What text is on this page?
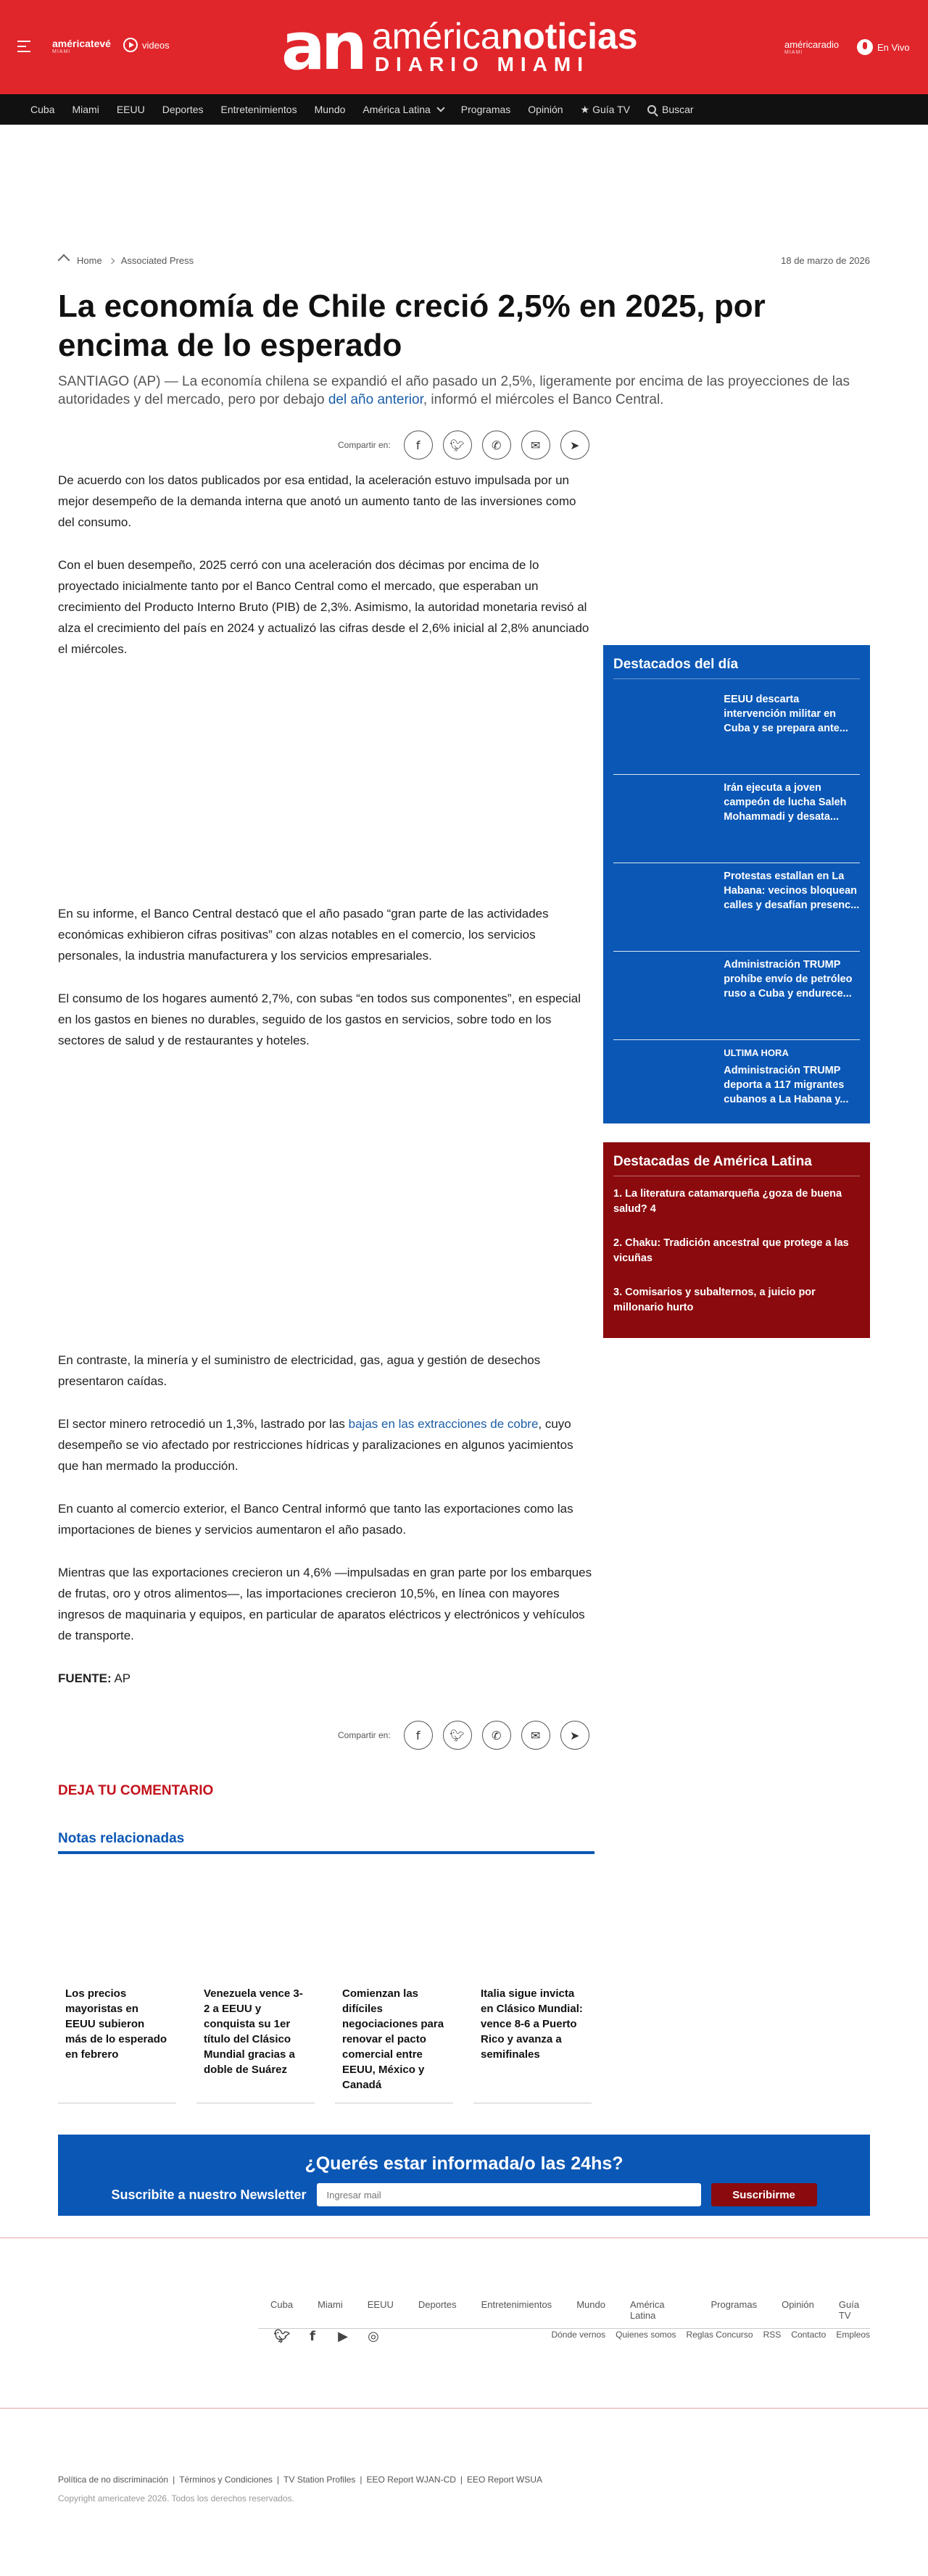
américatevé
MIAMI
videos an américanoticias
DIARIO MIAMI
américaradio
MIAMI	En Vivo
Cuba	Miami	EEUU	Deportes	Entretenimientos	Mundo	América Latina	Programas	Opinión	★ Guía TV	Buscar
Home Associated Press	18 de marzo de 2026
La economía de Chile creció 2,5% en 2025, por encima de lo esperado

SANTIAGO (AP) — La economía chilena se expandió el año pasado un 2,5%, ligeramente por encima de las proyecciones de las autoridades y del mercado, pero por debajo del año anterior, informó el miércoles el Banco Central.

Compartir en:	f	🐦︎	✆	✉	➤

De acuerdo con los datos publicados por esa entidad, la aceleración estuvo impulsada por un mejor desempeño de la demanda interna que anotó un aumento tanto de las inversiones como del consumo.

Con el buen desempeño, 2025 cerró con una aceleración dos décimas por encima de lo proyectado inicialmente tanto por el Banco Central como el mercado, que esperaban un crecimiento del Producto Interno Bruto (PIB) de 2,3%. Asimismo, la autoridad monetaria revisó al alza el crecimiento del país en 2024 y actualizó las cifras desde el 2,6% inicial al 2,8% anunciado el miércoles.

En su informe, el Banco Central destacó que el año pasado “gran parte de las actividades económicas exhibieron cifras positivas” con alzas notables en el comercio, los servicios personales, la industria manufacturera y los servicios empresariales.

El consumo de los hogares aumentó 2,7%, con subas “en todos sus componentes”, en especial en los gastos en bienes no durables, seguido de los gastos en servicios, sobre todo en los sectores de salud y de restaurantes y hoteles.

En contraste, la minería y el suministro de electricidad, gas, agua y gestión de desechos presentaron caídas.

El sector minero retrocedió un 1,3%, lastrado por las bajas en las extracciones de cobre, cuyo desempeño se vio afectado por restricciones hídricas y paralizaciones en algunos yacimientos que han mermado la producción.

En cuanto al comercio exterior, el Banco Central informó que tanto las exportaciones como las importaciones de bienes y servicios aumentaron el año pasado.

Mientras que las exportaciones crecieron un 4,6% —impulsadas en gran parte por los embarques de frutas, oro y otros alimentos—, las importaciones crecieron 10,5%, en línea con mayores ingresos de maquinaria y equipos, en particular de aparatos eléctricos y electrónicos y vehículos de transporte.

FUENTE: AP

Compartir en:	f	🐦︎	✆	✉	➤
Destacados del día
EEUU descarta intervención militar en Cuba y se prepara ante...
Irán ejecuta a joven campeón de lucha Saleh Mohammadi y desata...
Protestas estallan en La Habana: vecinos bloquean calles y desafían presenc...
Administración TRUMP prohíbe envío de petróleo ruso a Cuba y endurece...
ULTIMA HORA
Administración TRUMP deporta a 117 migrantes cubanos a La Habana y...
Destacadas de América Latina
1. La literatura catamarqueña ¿goza de buena salud? 4
2. Chaku: Tradición ancestral que protege a las vicuñas
3. Comisarios y subalternos, a juicio por millonario hurto
DEJA TU COMENTARIO
Notas relacionadas
Los precios mayoristas en EEUU subieron más de lo esperado en febrero
Venezuela vence 3-2 a EEUU y conquista su 1er título del Clásico Mundial gracias a doble de Suárez
Comienzan las difíciles negociaciones para renovar el pacto comercial entre EEUU, México y Canadá
Italia sigue invicta en Clásico Mundial: vence 8-6 a Puerto Rico y avanza a semifinales
¿Querés estar informada/o las 24hs?
Suscribite a nuestro Newsletter
Ingresar mail	Suscribirme
Cuba	Miami	EEUU	Deportes	Entretenimientos	Mundo	América Latina
Programas	Opinión	Guía TV
🐦︎	f	▶	◎	Dónde vernos	Quienes somos	Reglas Concurso	RSS	Contacto	Empleos
Política de no discriminación | Términos y Condiciones | TV Station Profiles | EEO Report WJAN-CD | EEO Report WSUA
Copyright americateve 2026. Todos los derechos reservados.
